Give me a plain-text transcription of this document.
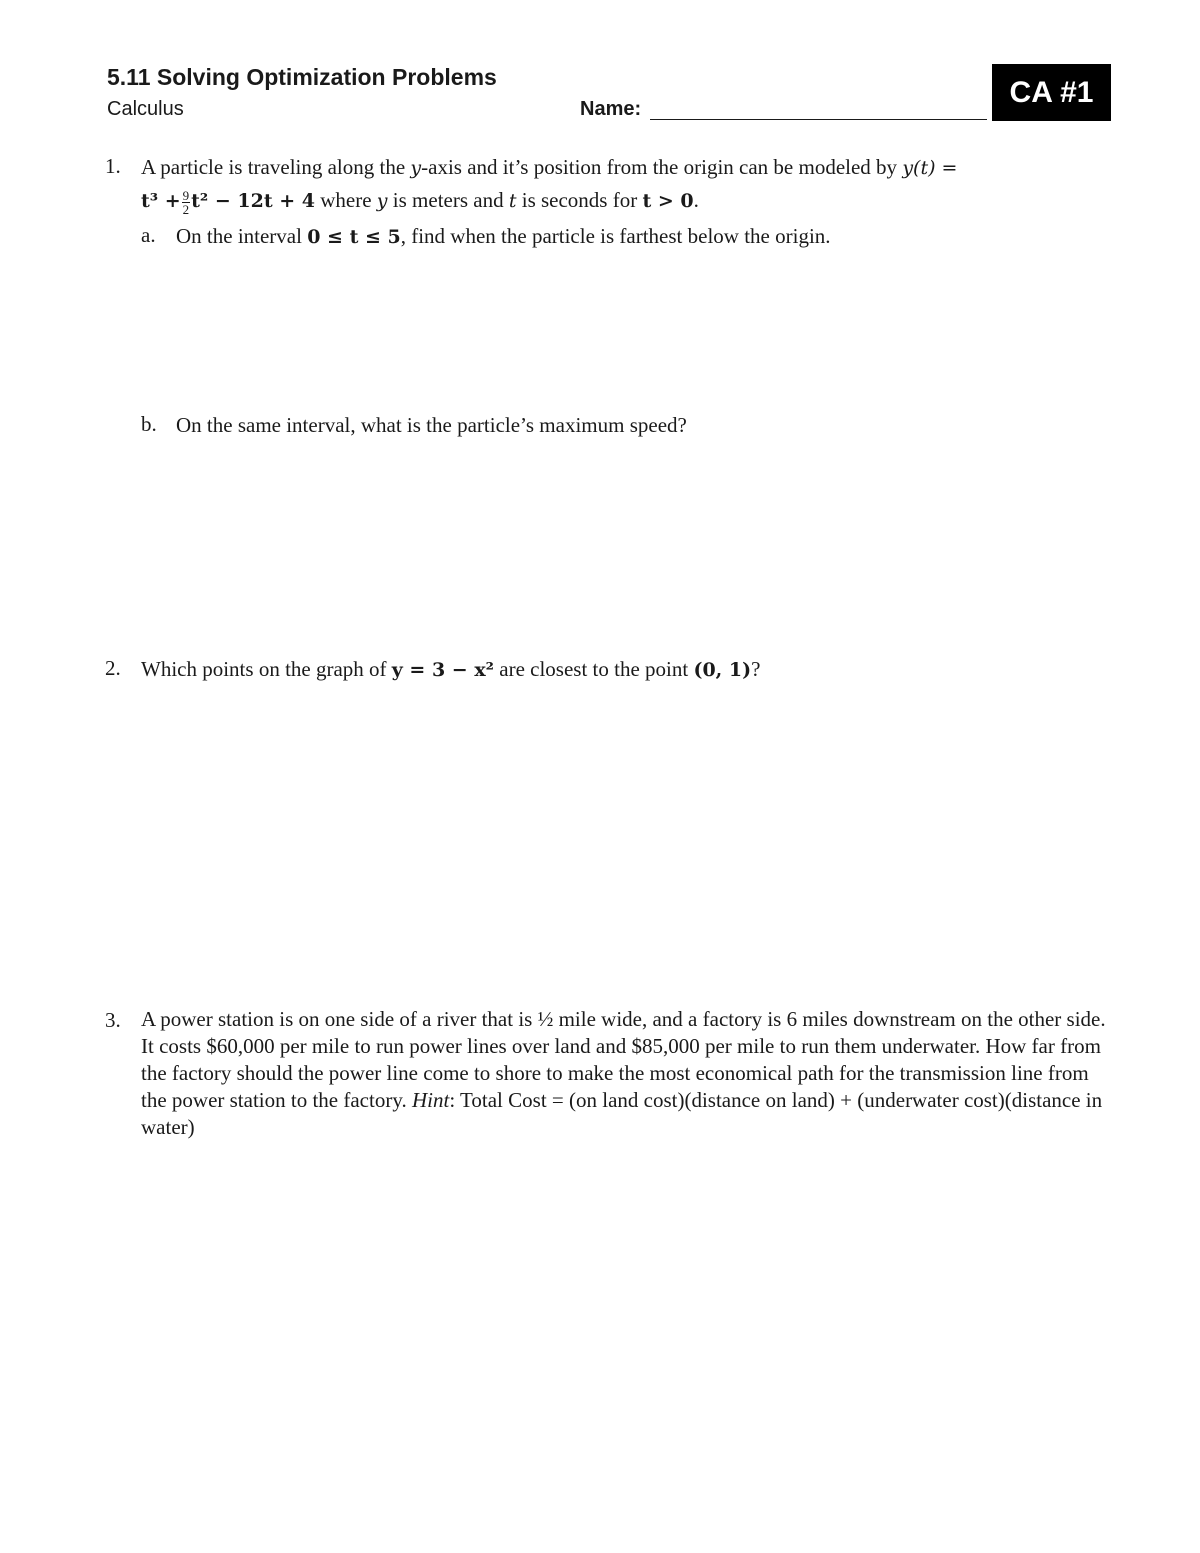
5.11 Solving Optimization Problems
Calculus	Name:
CA #1
1. A particle is traveling along the y-axis and it’s position from the origin can be modeled by y(t) =
$t^3 + \frac{9}{2} t^2 - 12t + 4$ where y is meters and t is seconds for t > 0.
a. On the interval 0 ≤ t ≤ 5, find when the particle is farthest below the origin.
b. On the same interval, what is the particle’s maximum speed?
2. Which points on the graph of y = 3 − x² are closest to the point (0, 1)?
3. A power station is on one side of a river that is ½ mile wide, and a factory is 6 miles downstream on the other side. It costs $60,000 per mile to run power lines over land and $85,000 per mile to run them underwater. How far from the factory should the power line come to shore to make the most economical path for the transmission line from the power station to the factory. Hint: Total Cost = (on land cost)(distance on land) + (underwater cost)(distance in water)
